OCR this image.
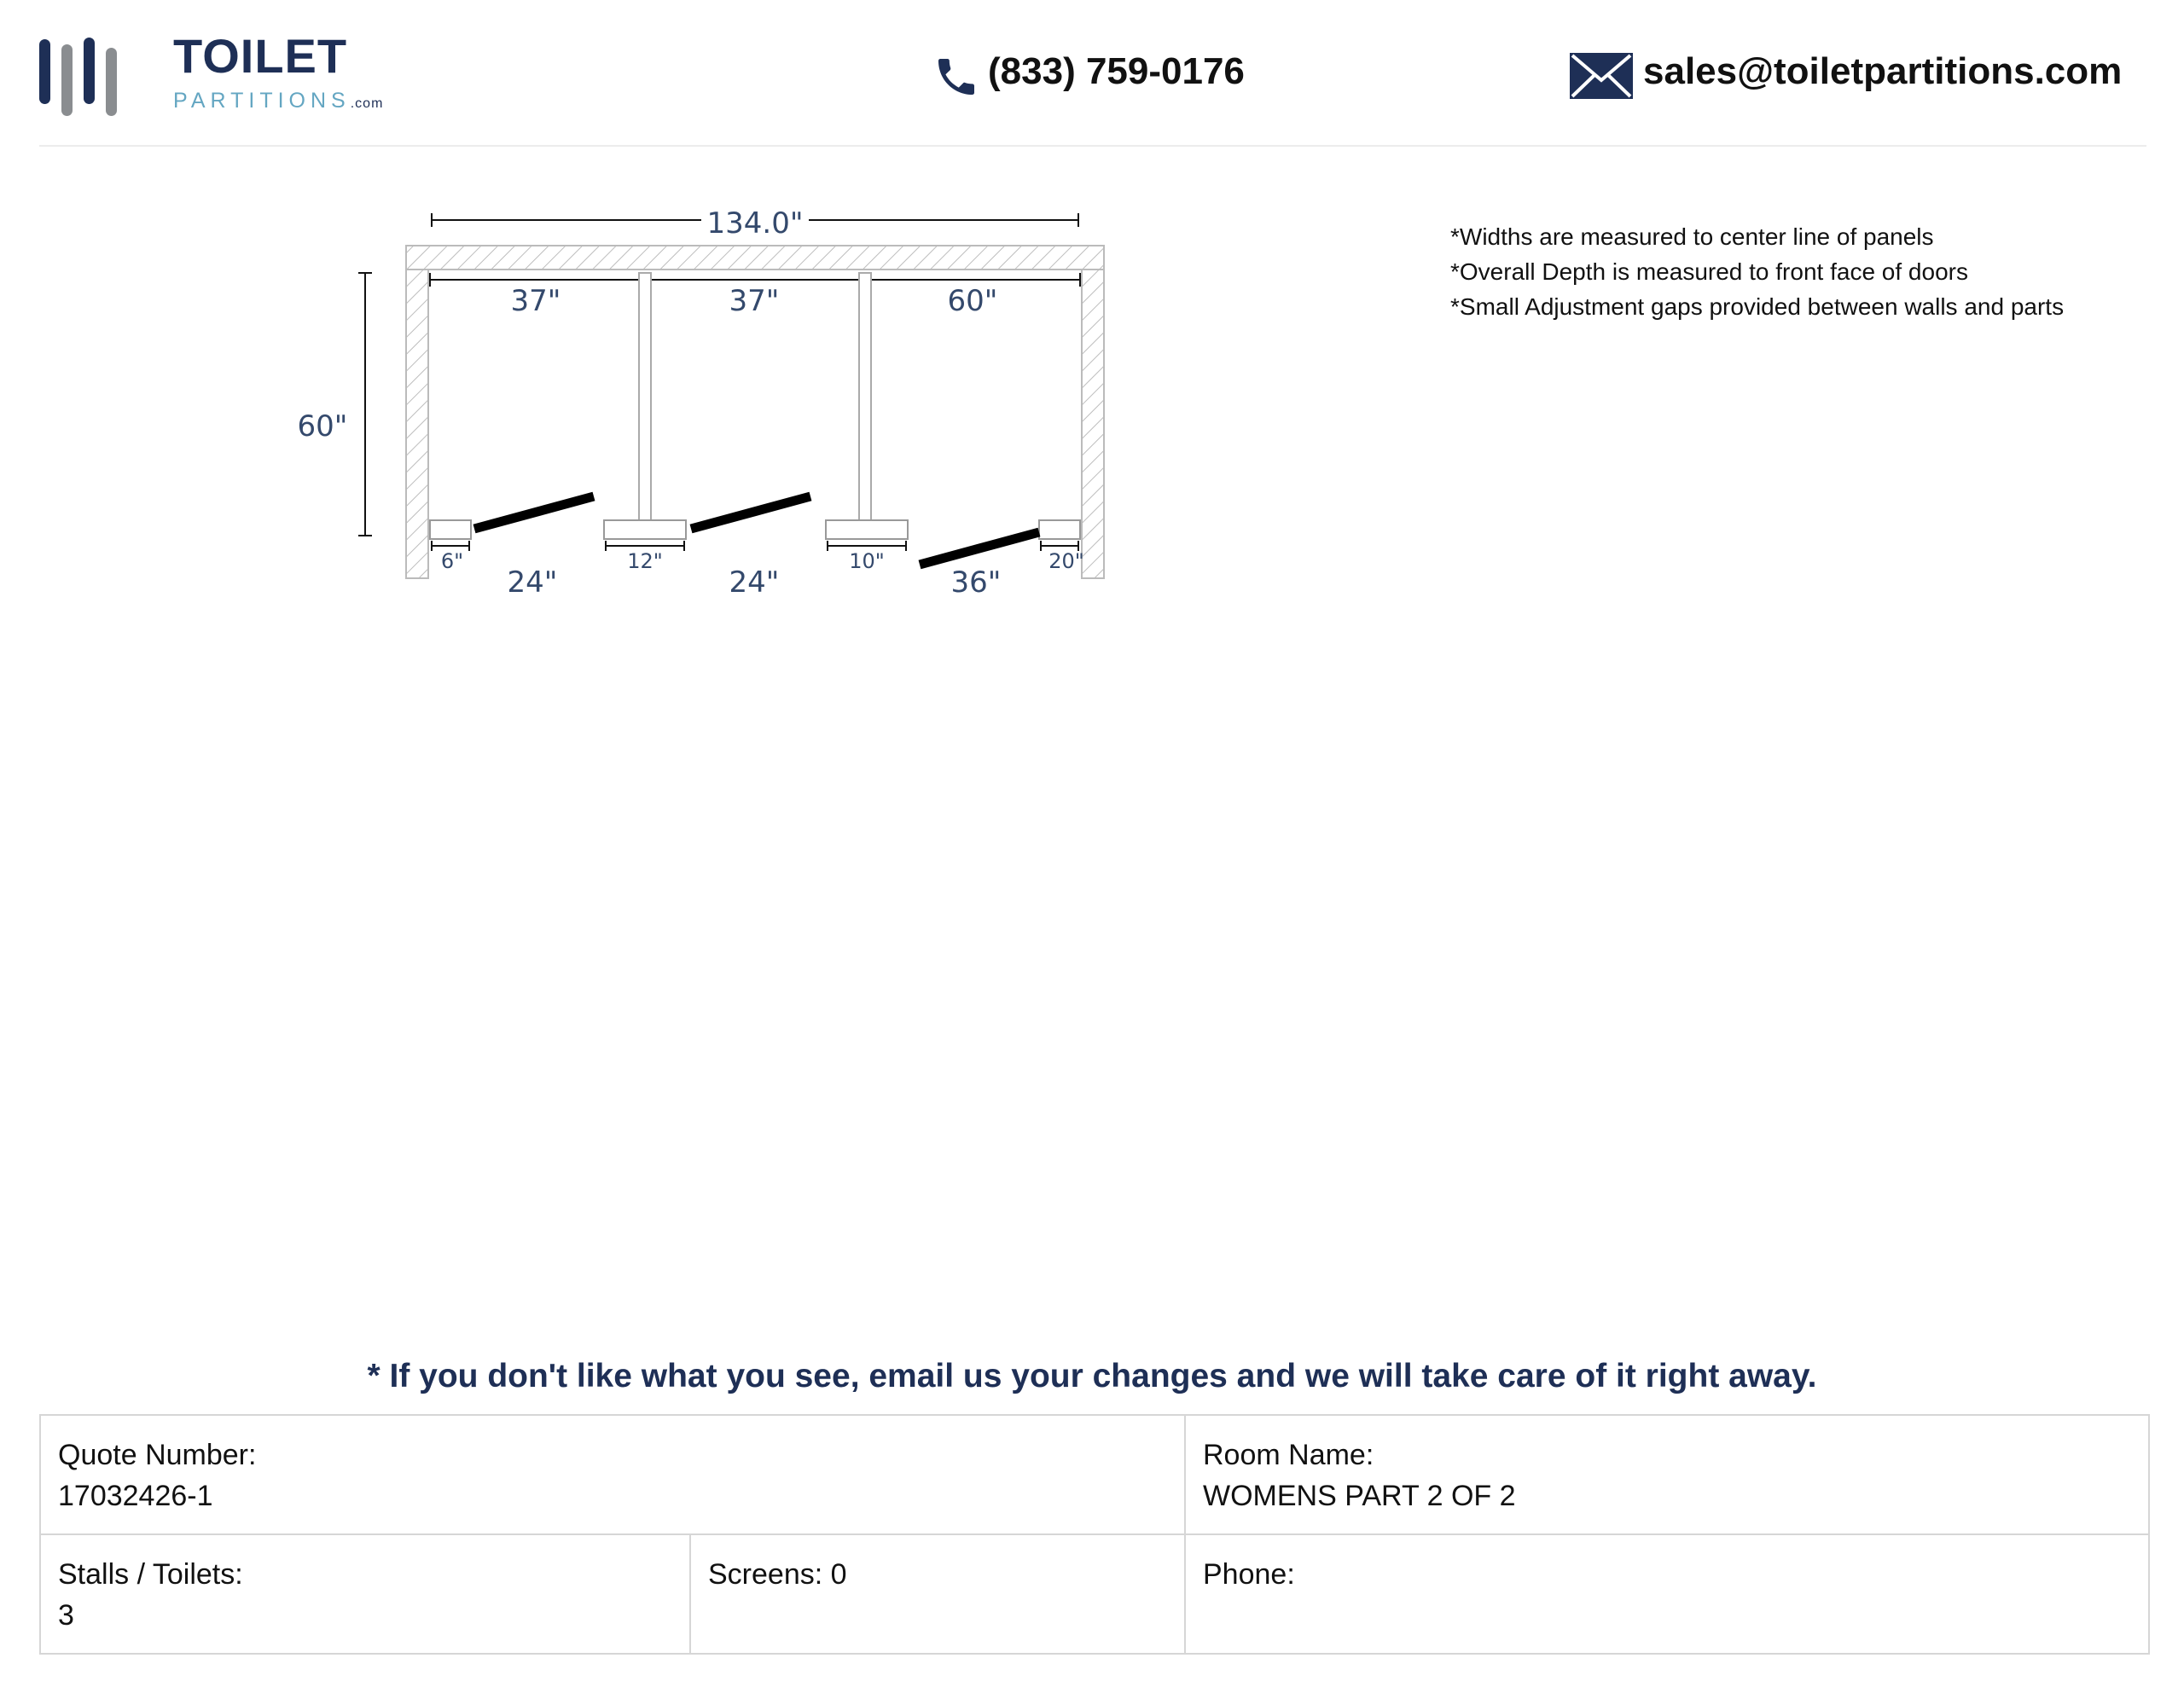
TOILET
PARTITIONS.com
(833) 759-0176	sales@toiletpartitions.com
*Widths are measured to center line of panels
*Overall Depth is measured to front face of doors
*Small Adjustment gaps provided between walls and parts
134.0"
37"	37"	60"
60"
6"	12"	10"	20"
24"	24"	36"
* If you don't like what you see, email us your changes and we will take care of it right away.
Quote Number:
17032426-1
Room Name:
WOMENS PART 2 OF 2
Stalls / Toilets:
3
Screens: 0	Phone:
